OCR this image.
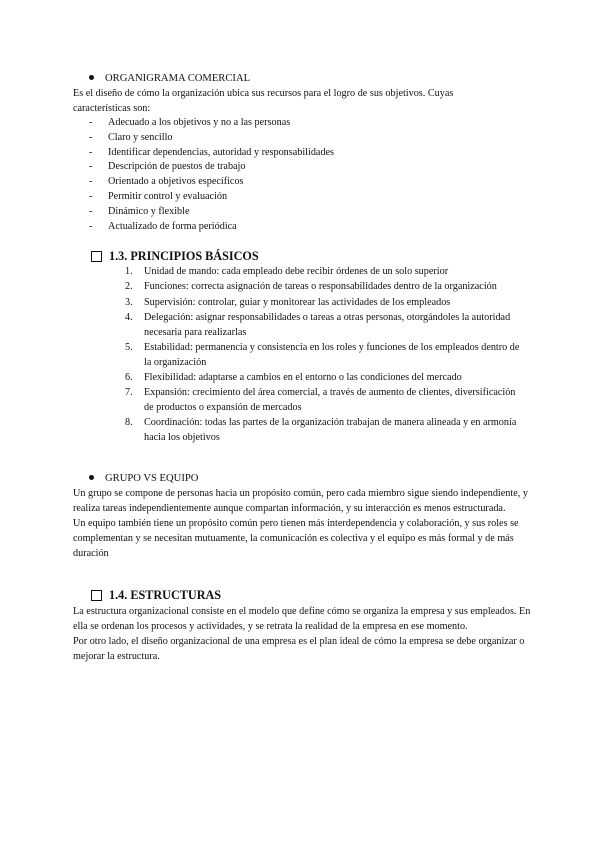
ORGANIGRAMA COMERCIAL

Es el diseño de cómo la organización ubica sus recursos para el logro de sus objetivos. Cuyas características son:

- Adecuado a los objetivos y no a las personas
- Claro y sencillo
- Identificar dependencias, autoridad y responsabilidades
- Descripción de puestos de trabajo
- Orientado a objetivos específicos
- Permitir control y evaluación
- Dinámico y flexible
- Actualizado de forma periódica
1.3. PRINCIPIOS BÁSICOS
1. Unidad de mando: cada empleado debe recibir órdenes de un solo superior
2. Funciones: correcta asignación de tareas o responsabilidades dentro de la organización
3. Supervisión: controlar, guiar y monitorear las actividades de los empleados
4. Delegación: asignar responsabilidades o tareas a otras personas, otorgándoles la autoridad necesaria para realizarlas
5. Estabilidad: permanencia y consistencia en los roles y funciones de los empleados dentro de la organización
6. Flexibilidad: adaptarse a cambios en el entorno o las condiciones del mercado
7. Expansión: crecimiento del área comercial, a través de aumento de clientes, diversificación de productos o expansión de mercados
8. Coordinación: todas las partes de la organización trabajan de manera alineada y en armonía hacia los objetivos
GRUPO VS EQUIPO

Un grupo se compone de personas hacia un propósito común, pero cada miembro sigue siendo independiente, y realiza tareas independientemente aunque compartan información, y su interacción es menos estructurada.

Un equipo también tiene un propósito común pero tienen más interdependencia y colaboración, y sus roles se complementan y se necesitan mutuamente, la comunicación es colectiva y el equipo es más formal y de más duración

1.4. ESTRUCTURAS

La estructura organizacional consiste en el modelo que define cómo se organiza la empresa y sus empleados. En ella se ordenan los procesos y actividades, y se retrata la realidad de la empresa en ese momento.

Por otro lado, el diseño organizacional de una empresa es el plan ideal de cómo la empresa se debe organizar o mejorar la estructura.
